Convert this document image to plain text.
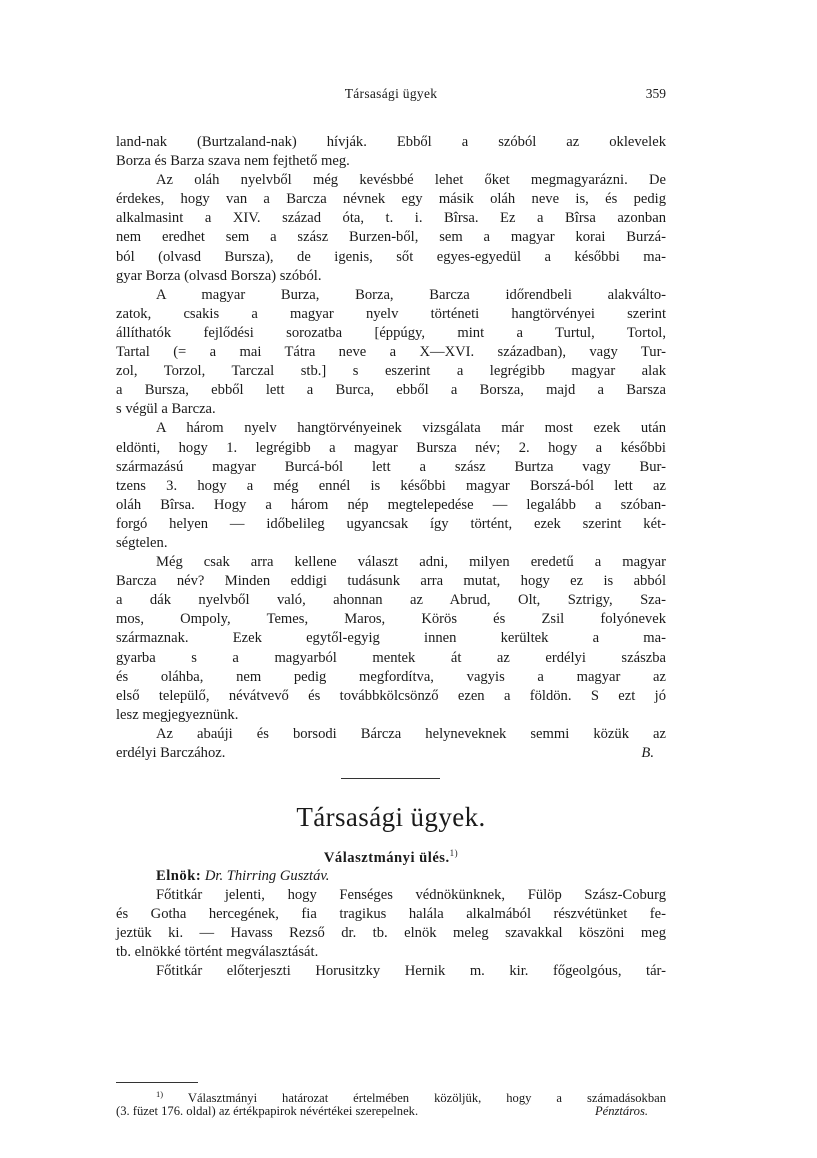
Társasági ügyek	359
land-nak (Burtzaland-nak) hívják. Ebből a szóból az oklevelek
Borza és Barza szava nem fejthető meg.
Az oláh nyelvből még kevésbbé lehet őket megmagyarázni. De
érdekes, hogy van a Barcza névnek egy másik oláh neve is, és pedig
alkalmasint a XIV. század óta, t. i. Bîrsa. Ez a Bîrsa azonban
nem eredhet sem a szász Burzen-ből, sem a magyar korai Burzá-
ból (olvasd Bursza), de igenis, sőt egyes-egyedül a későbbi ma-
gyar Borza (olvasd Borsza) szóból.
A magyar Burza, Borza, Barcza időrendbeli alakválto-
zatok, csakis a magyar nyelv történeti hangtörvényei szerint
állíthatók fejlődési sorozatba [éppúgy, mint a Turtul, Tortol,
Tartal (= a mai Tátra neve a X—XVI. században), vagy Tur-
zol, Torzol, Tarczal stb.] s eszerint a legrégibb magyar alak
a Bursza, ebből lett a Burca, ebből a Borsza, majd a Barsza
s végül a Barcza.
A három nyelv hangtörvényeinek vizsgálata már most ezek után
eldönti, hogy 1. legrégibb a magyar Bursza név; 2. hogy a későbbi
származású magyar Burcá-ból lett a szász Burtza vagy Bur-
tzens 3. hogy a még ennél is későbbi magyar Borszá-ból lett az
oláh Bîrsa. Hogy a három nép megtelepedése — legalább a szóban-
forgó helyen — időbelileg ugyancsak így történt, ezek szerint két-
ségtelen.
Még csak arra kellene választ adni, milyen eredetű a magyar
Barcza név? Minden eddigi tudásunk arra mutat, hogy ez is abból
a dák nyelvből való, ahonnan az Abrud, Olt, Sztrigy, Sza-
mos, Ompoly, Temes, Maros, Körös és Zsil folyónevek
származnak. Ezek egytől-egyig innen kerültek a ma-
gyarba s a magyarból mentek át az erdélyi szászba
és oláhba, nem pedig megfordítva, vagyis a magyar az
első települő, névátvevő és továbbkölcsönző ezen a földön. S ezt jó
lesz megjegyeznünk.
Az abaúji és borsodi Bárcza helyneveknek semmi közük az
erdélyi Barczához.	B.
Társasági ügyek.
Választmányi ülés.$^{1)}$
Elnök: Dr. Thirring Gusztáv.
Főtitkár jelenti, hogy Fenséges védnökünknek, Fülöp Szász-Coburg
és Gotha hercegének, fia tragikus halála alkalmából részvétünket fe-
jeztük ki. — Havass Rezső dr. tb. elnök meleg szavakkal köszöni meg
tb. elnökké történt megválasztását.
Főtitkár előterjeszti Horusitzky Hernik m. kir. főgeolgóus, tár-
$^{1)}$ Választmányi határozat értelmében közöljük, hogy a számadásokban
(3. füzet 176. oldal) az értékpapirok névértékei szerepelnek.	Pénztáros.
